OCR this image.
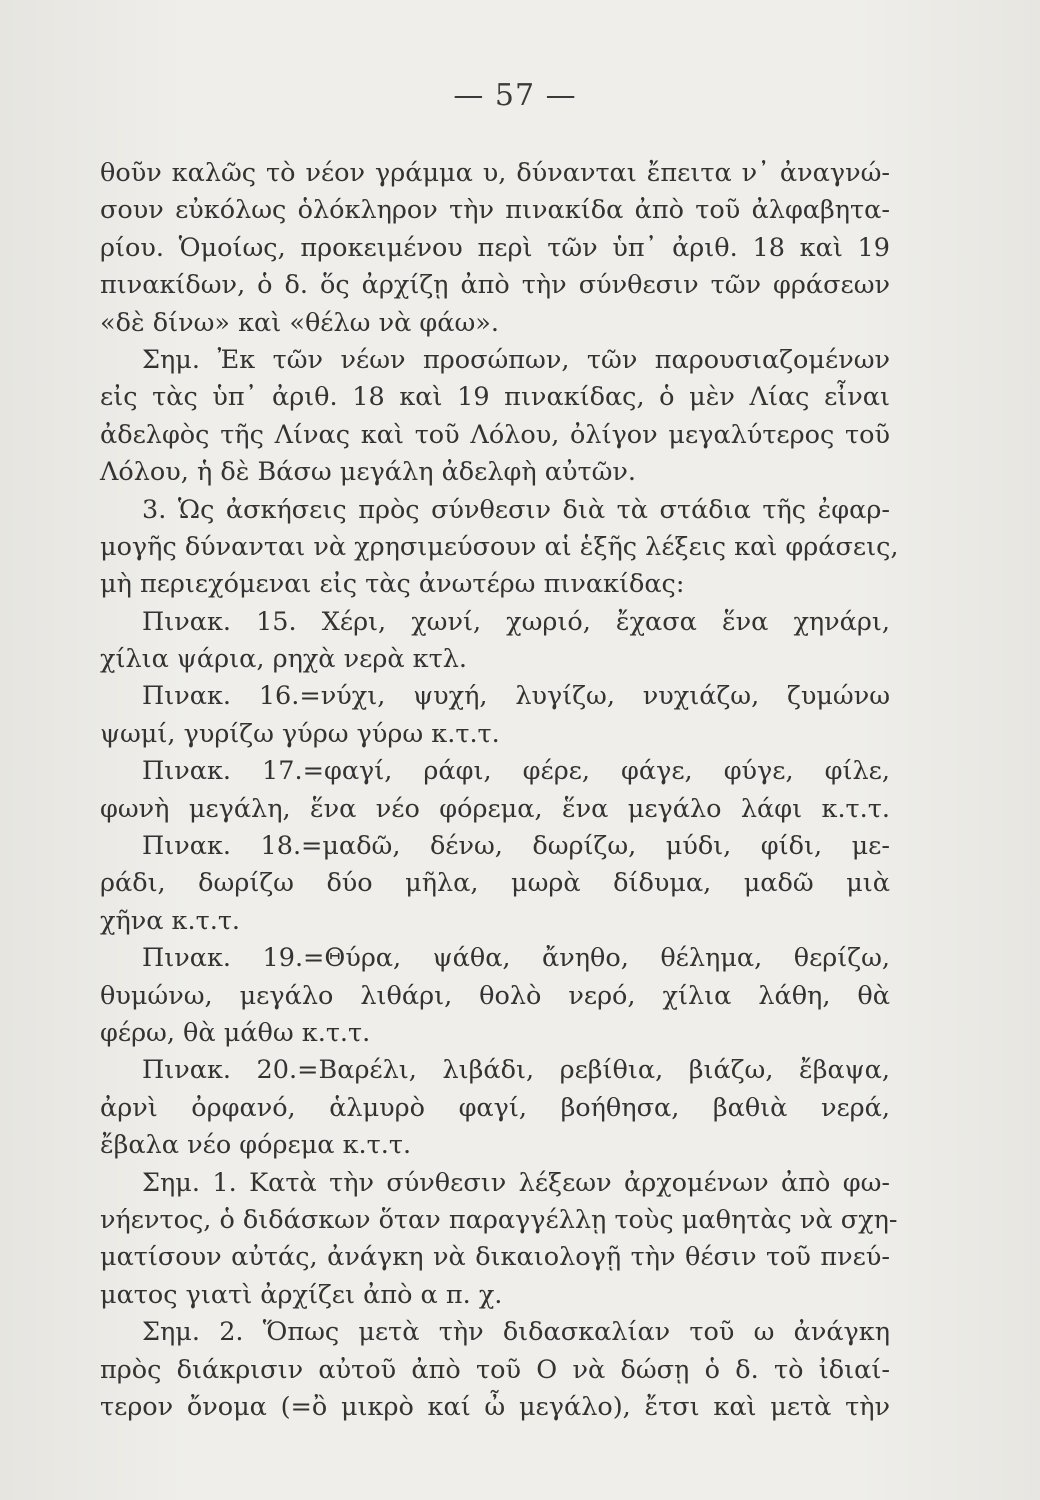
— 57 —
θοῦν καλῶς τὸ νέον γράμμα υ, δύνανται ἔπειτα ν᾽ ἀναγνώ-
σουν εὐκόλως ὁλόκληρον τὴν πινακίδα ἀπὸ τοῦ ἀλφαβητα-
ρίου. Ὁμοίως, προκειμένου περὶ τῶν ὑπ᾽ ἀριθ. 18 καὶ 19
πινακίδων, ὁ δ. ὅς ἀρχίζῃ ἀπὸ τὴν σύνθεσιν τῶν φράσεων
«δὲ δίνω» καὶ «θέλω νὰ φάω».
Σημ. Ἐκ τῶν νέων προσώπων, τῶν παρουσιαζομένων
εἰς τὰς ὑπ᾽ ἀριθ. 18 καὶ 19 πινακίδας, ὁ μὲν Λίας εἶναι
ἀδελφὸς τῆς Λίνας καὶ τοῦ Λόλου, ὀλίγον μεγαλύτερος τοῦ
Λόλου, ἡ δὲ Βάσω μεγάλη ἀδελφὴ αὐτῶν.
3. Ὡς ἀσκήσεις πρὸς σύνθεσιν διὰ τὰ στάδια τῆς ἐφαρ-
μογῆς δύνανται νὰ χρησιμεύσουν αἱ ἑξῆς λέξεις καὶ φράσεις,
μὴ περιεχόμεναι εἰς τὰς ἀνωτέρω πινακίδας:
Πινακ. 15. Χέρι, χωνί, χωριό, ἔχασα ἕνα χηνάρι,
χίλια ψάρια, ρηχὰ νερὰ κτλ.
Πινακ. 16.=νύχι, ψυχή, λυγίζω, νυχιάζω, ζυμώνω
ψωμί, γυρίζω γύρω γύρω κ.τ.τ.
Πινακ. 17.=φαγί, ράφι, φέρε, φάγε, φύγε, φίλε,
φωνὴ μεγάλη, ἕνα νέο φόρεμα, ἕνα μεγάλο λάφι κ.τ.τ.
Πινακ. 18.=μαδῶ, δένω, δωρίζω, μύδι, φίδι, με-
ράδι, δωρίζω δύο μῆλα, μωρὰ δίδυμα, μαδῶ μιὰ
χῆνα κ.τ.τ.
Πινακ. 19.=Θύρα, ψάθα, ἄνηθο, θέλημα, θερίζω,
θυμώνω, μεγάλο λιθάρι, θολὸ νερό, χίλια λάθη, θὰ
φέρω, θὰ μάθω κ.τ.τ.
Πινακ. 20.=Βαρέλι, λιβάδι, ρεβίθια, βιάζω, ἔβαψα,
ἀρνὶ ὀρφανό, ἁλμυρὸ φαγί, βοήθησα, βαθιὰ νερά,
ἔβαλα νέο φόρεμα κ.τ.τ.
Σημ. 1. Κατὰ τὴν σύνθεσιν λέξεων ἀρχομένων ἀπὸ φω-
νήεντος, ὁ διδάσκων ὅταν παραγγέλλῃ τοὺς μαθητὰς νὰ σχη-
ματίσουν αὐτάς, ἀνάγκη νὰ δικαιολογῇ τὴν θέσιν τοῦ πνεύ-
ματος γιατὶ ἀρχίζει ἀπὸ α π. χ.
Σημ. 2. Ὅπως μετὰ τὴν διδασκαλίαν τοῦ ω ἀνάγκη
πρὸς διάκρισιν αὐτοῦ ἀπὸ τοῦ Ο νὰ δώσῃ ὁ δ. τὸ ἰδιαί-
τερον ὄνομα (=ὂ μικρὸ καί ὦ μεγάλο), ἔτσι καὶ μετὰ τὴν
